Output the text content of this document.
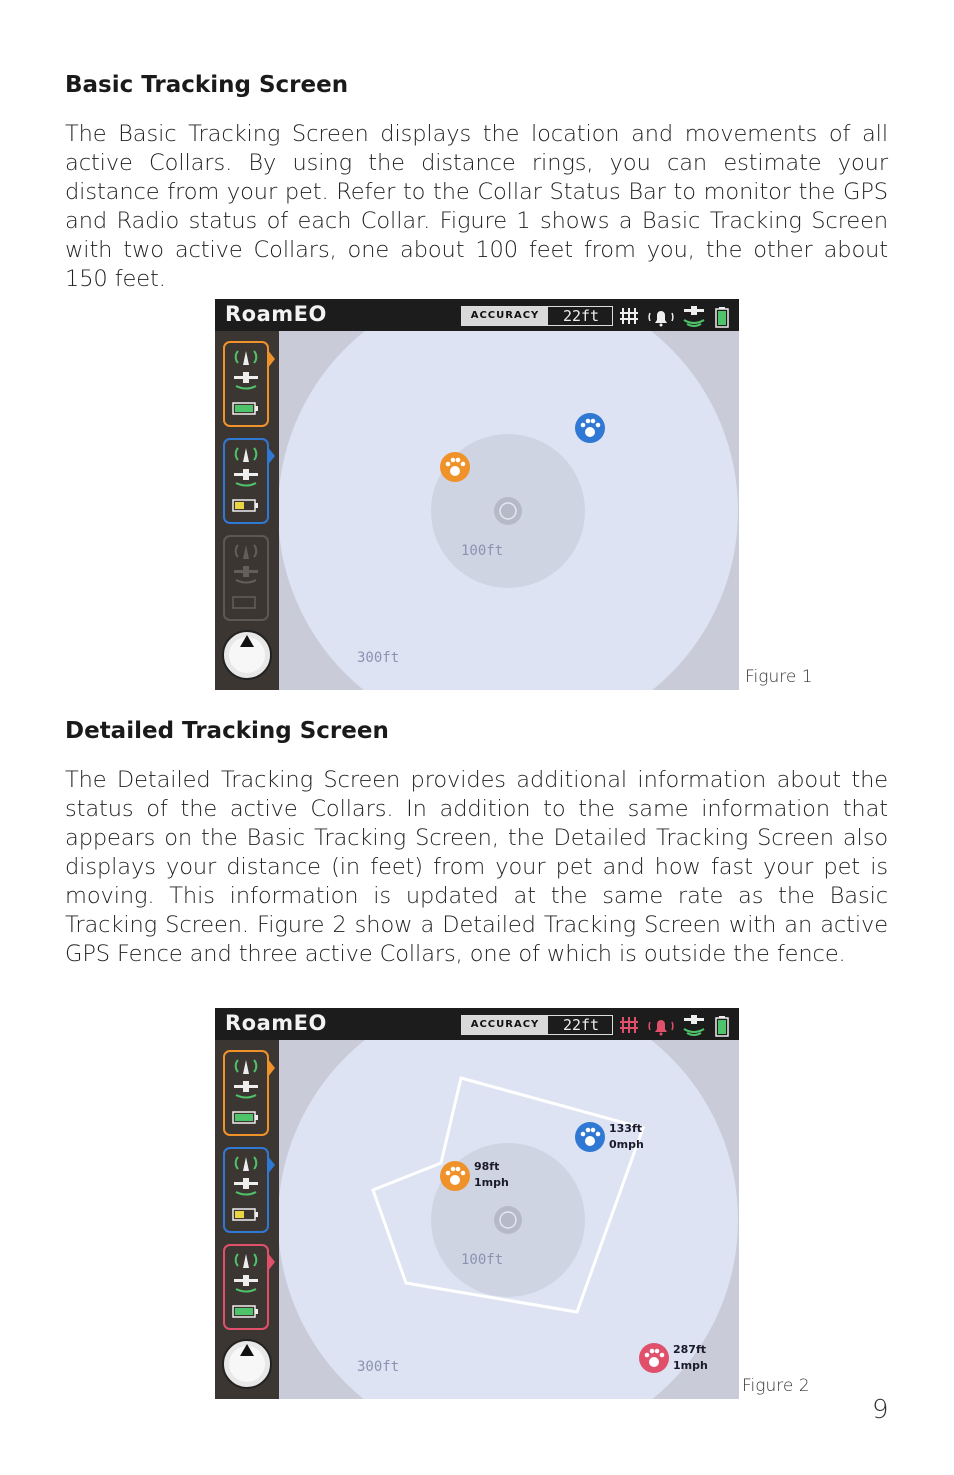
Basic Tracking Screen

The Basic Tracking Screen displays the location and movements of all active Collars. By using the distance rings, you can estimate your distance from your pet. Refer to the Collar Status Bar to monitor the GPS and Radio status of each Collar. Figure 1 shows a Basic Tracking Screen with two active Collars, one about 100 feet from you, the other about 150 feet.

100ft
300ft
RoamEO	ACCURACY	22ft
Figure 1
Detailed Tracking Screen

The Detailed Tracking Screen provides additional information about the status of the active Collars. In addition to the same information that appears on the Basic Tracking Screen, the Detailed Tracking Screen also displays your distance (in feet) from your pet and how fast your pet is moving. This information is updated at the same rate as the Basic Tracking Screen. Figure 2 show a Detailed Tracking Screen with an active GPS Fence and three active Collars, one of which is outside the fence.

100ft
300ft
98ft
1mph
133ft
0mph
287ft
1mph
RoamEO	ACCURACY	22ft
Figure 2
9
